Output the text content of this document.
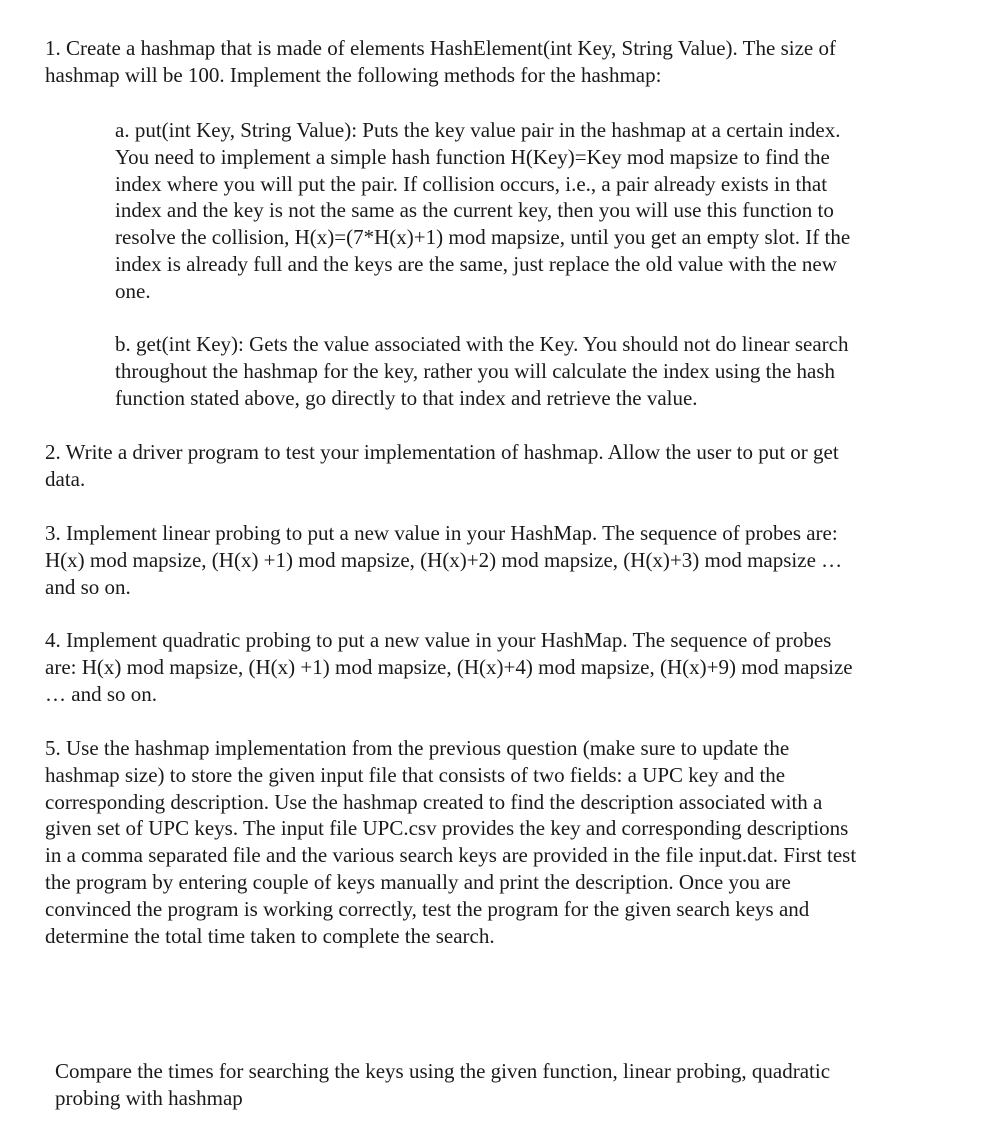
1. Create a hashmap that is made of elements HashElement(int Key, String Value). The size of
hashmap will be 100. Implement the following methods for the hashmap:

a. put(int Key, String Value): Puts the key value pair in the hashmap at a certain index.
You need to implement a simple hash function H(Key)=Key mod mapsize to find the
index where you will put the pair. If collision occurs, i.e., a pair already exists in that
index and the key is not the same as the current key, then you will use this function to
resolve the collision, H(x)=(7*H(x)+1) mod mapsize, until you get an empty slot. If the
index is already full and the keys are the same, just replace the old value with the new
one.

b. get(int Key): Gets the value associated with the Key. You should not do linear search
throughout the hashmap for the key, rather you will calculate the index using the hash
function stated above, go directly to that index and retrieve the value.

2. Write a driver program to test your implementation of hashmap. Allow the user to put or get
data.

3. Implement linear probing to put a new value in your HashMap. The sequence of probes are:
H(x) mod mapsize, (H(x) +1) mod mapsize, (H(x)+2) mod mapsize, (H(x)+3) mod mapsize …
and so on.

4. Implement quadratic probing to put a new value in your HashMap. The sequence of probes
are: H(x) mod mapsize, (H(x) +1) mod mapsize, (H(x)+4) mod mapsize, (H(x)+9) mod mapsize
… and so on.

5. Use the hashmap implementation from the previous question (make sure to update the
hashmap size) to store the given input file that consists of two fields: a UPC key and the
corresponding description. Use the hashmap created to find the description associated with a
given set of UPC keys. The input file UPC.csv provides the key and corresponding descriptions
in a comma separated file and the various search keys are provided in the file input.dat. First test
the program by entering couple of keys manually and print the description. Once you are
convinced the program is working correctly, test the program for the given search keys and
determine the total time taken to complete the search.

Compare the times for searching the keys using the given function, linear probing, quadratic
probing with hashmap
